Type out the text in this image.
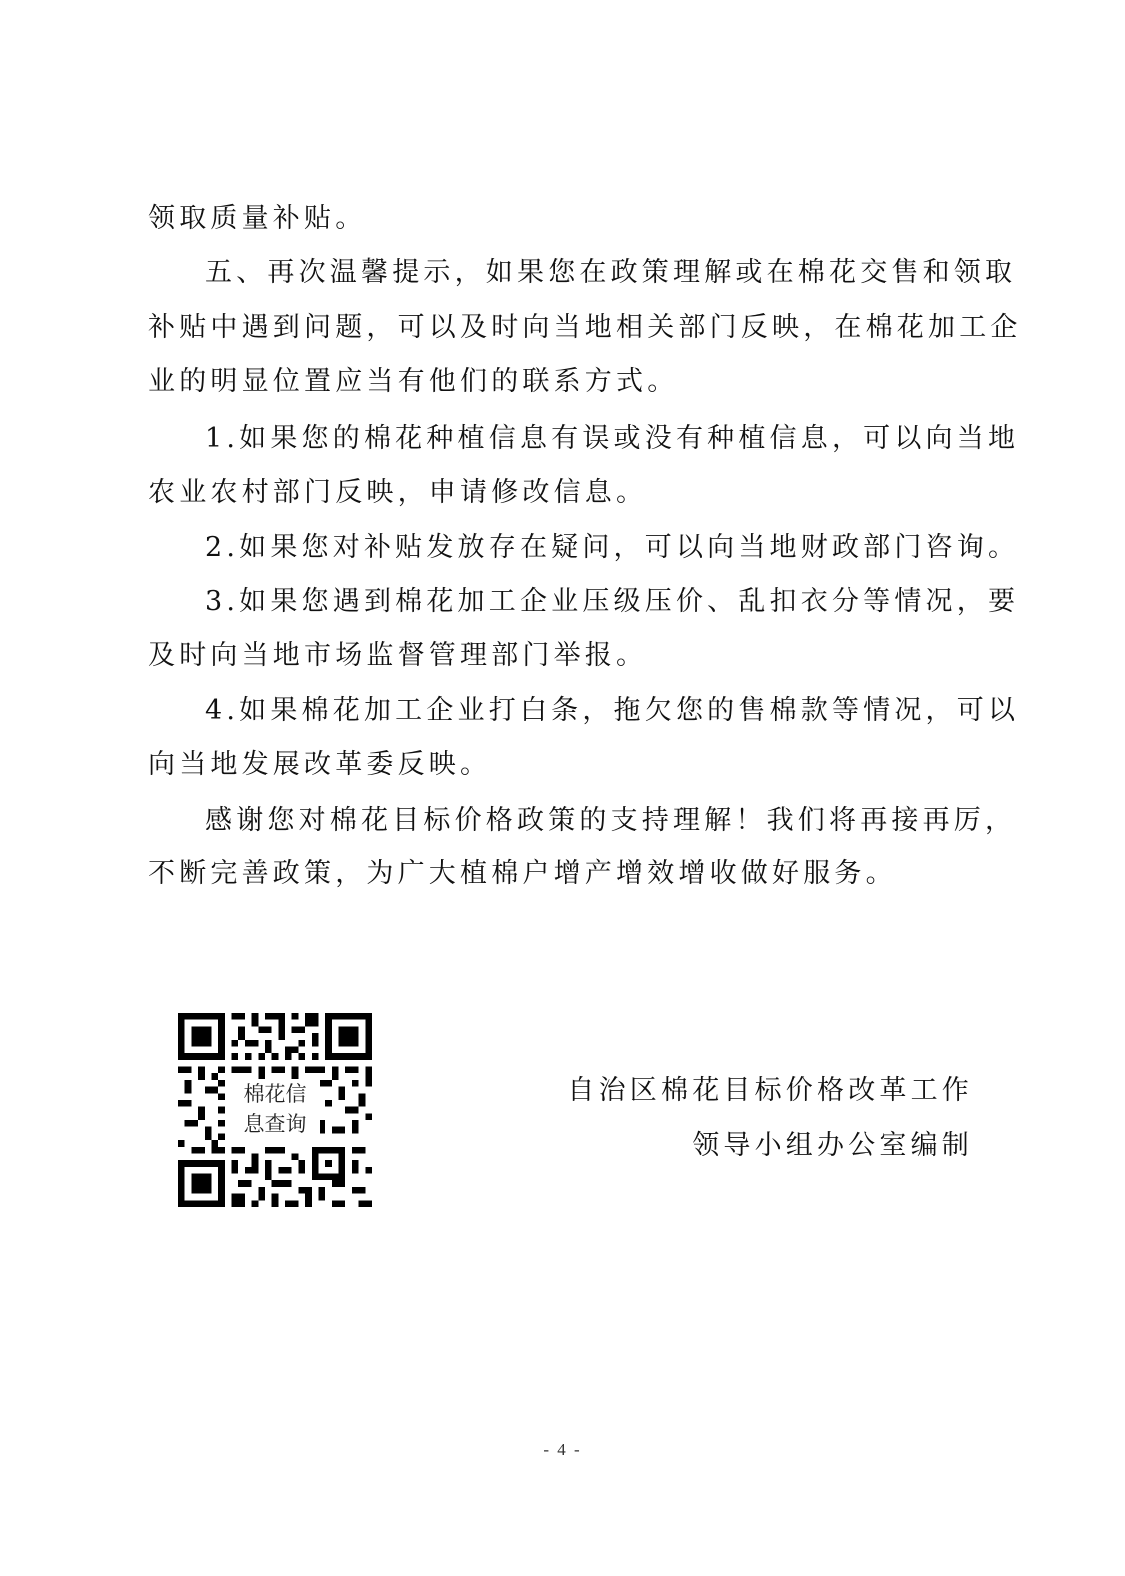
领取质量补贴。
五、再次温馨提示，如果您在政策理解或在棉花交售和领取
补贴中遇到问题，可以及时向当地相关部门反映，在棉花加工企
业的明显位置应当有他们的联系方式。
1.如果您的棉花种植信息有误或没有种植信息，可以向当地
农业农村部门反映，申请修改信息。
2.如果您对补贴发放存在疑问，可以向当地财政部门咨询。
3.如果您遇到棉花加工企业压级压价、乱扣衣分等情况，要
及时向当地市场监督管理部门举报。
4.如果棉花加工企业打白条，拖欠您的售棉款等情况，可以
向当地发展改革委反映。
感谢您对棉花目标价格政策的支持理解！我们将再接再厉，
不断完善政策，为广大植棉户增产增效增收做好服务。
棉花信
息查询
自治区棉花目标价格改革工作
领导小组办公室编制
- 4 -
